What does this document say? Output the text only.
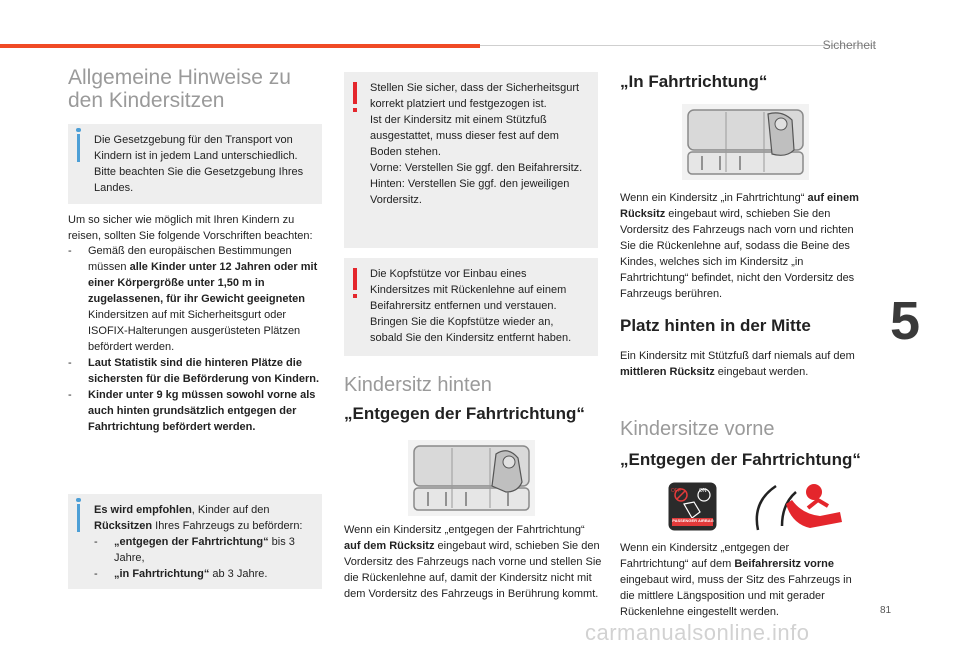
Sicherheit
5
Allgemeine Hinweise zu
den Kindersitzen
Die Gesetzgebung für den Transport von Kindern ist in jedem Land unterschiedlich. Bitte beachten Sie die Gesetzgebung Ihres Landes.
Um so sicher wie möglich mit Ihren Kindern zu reisen, sollten Sie folgende Vorschriften beachten:
- Gemäß den europäischen Bestimmungen müssen alle Kinder unter 12 Jahren oder mit einer Körpergröße unter 1,50 m in zugelassenen, für ihr Gewicht geeigneten Kindersitzen auf mit Sicherheitsgurt oder ISOFIX-Halterungen ausgerüsteten Plätzen befördert werden.
- Laut Statistik sind die hinteren Plätze die sichersten für die Beförderung von Kindern.
- Kinder unter 9 kg müssen sowohl vorne als auch hinten grundsätzlich entgegen der Fahrtrichtung befördert werden.
Es wird empfohlen, Kinder auf den Rücksitzen Ihres Fahrzeugs zu befördern:
- „entgegen der Fahrtrichtung“ bis 3 Jahre,
- „in Fahrtrichtung“ ab 3 Jahre.
Stellen Sie sicher, dass der Sicherheitsgurt korrekt platziert und festgezogen ist.
Ist der Kindersitz mit einem Stützfuß ausgestattet, muss dieser fest auf dem Boden stehen.
Vorne: Verstellen Sie ggf. den Beifahrersitz.
Hinten: Verstellen Sie ggf. den jeweiligen Vordersitz.
Die Kopfstütze vor Einbau eines Kindersitzes mit Rückenlehne auf einem Beifahrersitz entfernen und verstauen.
Bringen Sie die Kopfstütze wieder an, sobald Sie den Kindersitz entfernt haben.
Kindersitz hinten
„Entgegen der Fahrtrichtung“
Wenn ein Kindersitz „entgegen der Fahrtrichtung“ auf dem Rücksitz eingebaut wird, schieben Sie den Vordersitz des Fahrzeugs nach vorne und stellen Sie die Rückenlehne auf, damit der Kindersitz nicht mit dem Vordersitz des Fahrzeugs in Berührung kommt.
„In Fahrtrichtung“
Wenn ein Kindersitz „in Fahrtrichtung“ auf einem Rücksitz eingebaut wird, schieben Sie den Vordersitz des Fahrzeugs nach vorn und richten Sie die Rückenlehne auf, sodass die Beine des Kindes, welches sich im Kindersitz „in Fahrtrichtung“ befindet, nicht den Vordersitz des Fahrzeugs berühren.
Platz hinten in der Mitte
Ein Kindersitz mit Stützfuß darf niemals auf dem mittleren Rücksitz eingebaut werden.
Kindersitze vorne
„Entgegen der Fahrtrichtung“
OFF	ON
PASSENGER AIRBAG
Wenn ein Kindersitz „entgegen der Fahrtrichtung“ auf dem Beifahrersitz vorne eingebaut wird, muss der Sitz des Fahrzeugs in die mittlere Längsposition und mit gerader Rückenlehne eingestellt werden.	81
carmanualsonline.info
